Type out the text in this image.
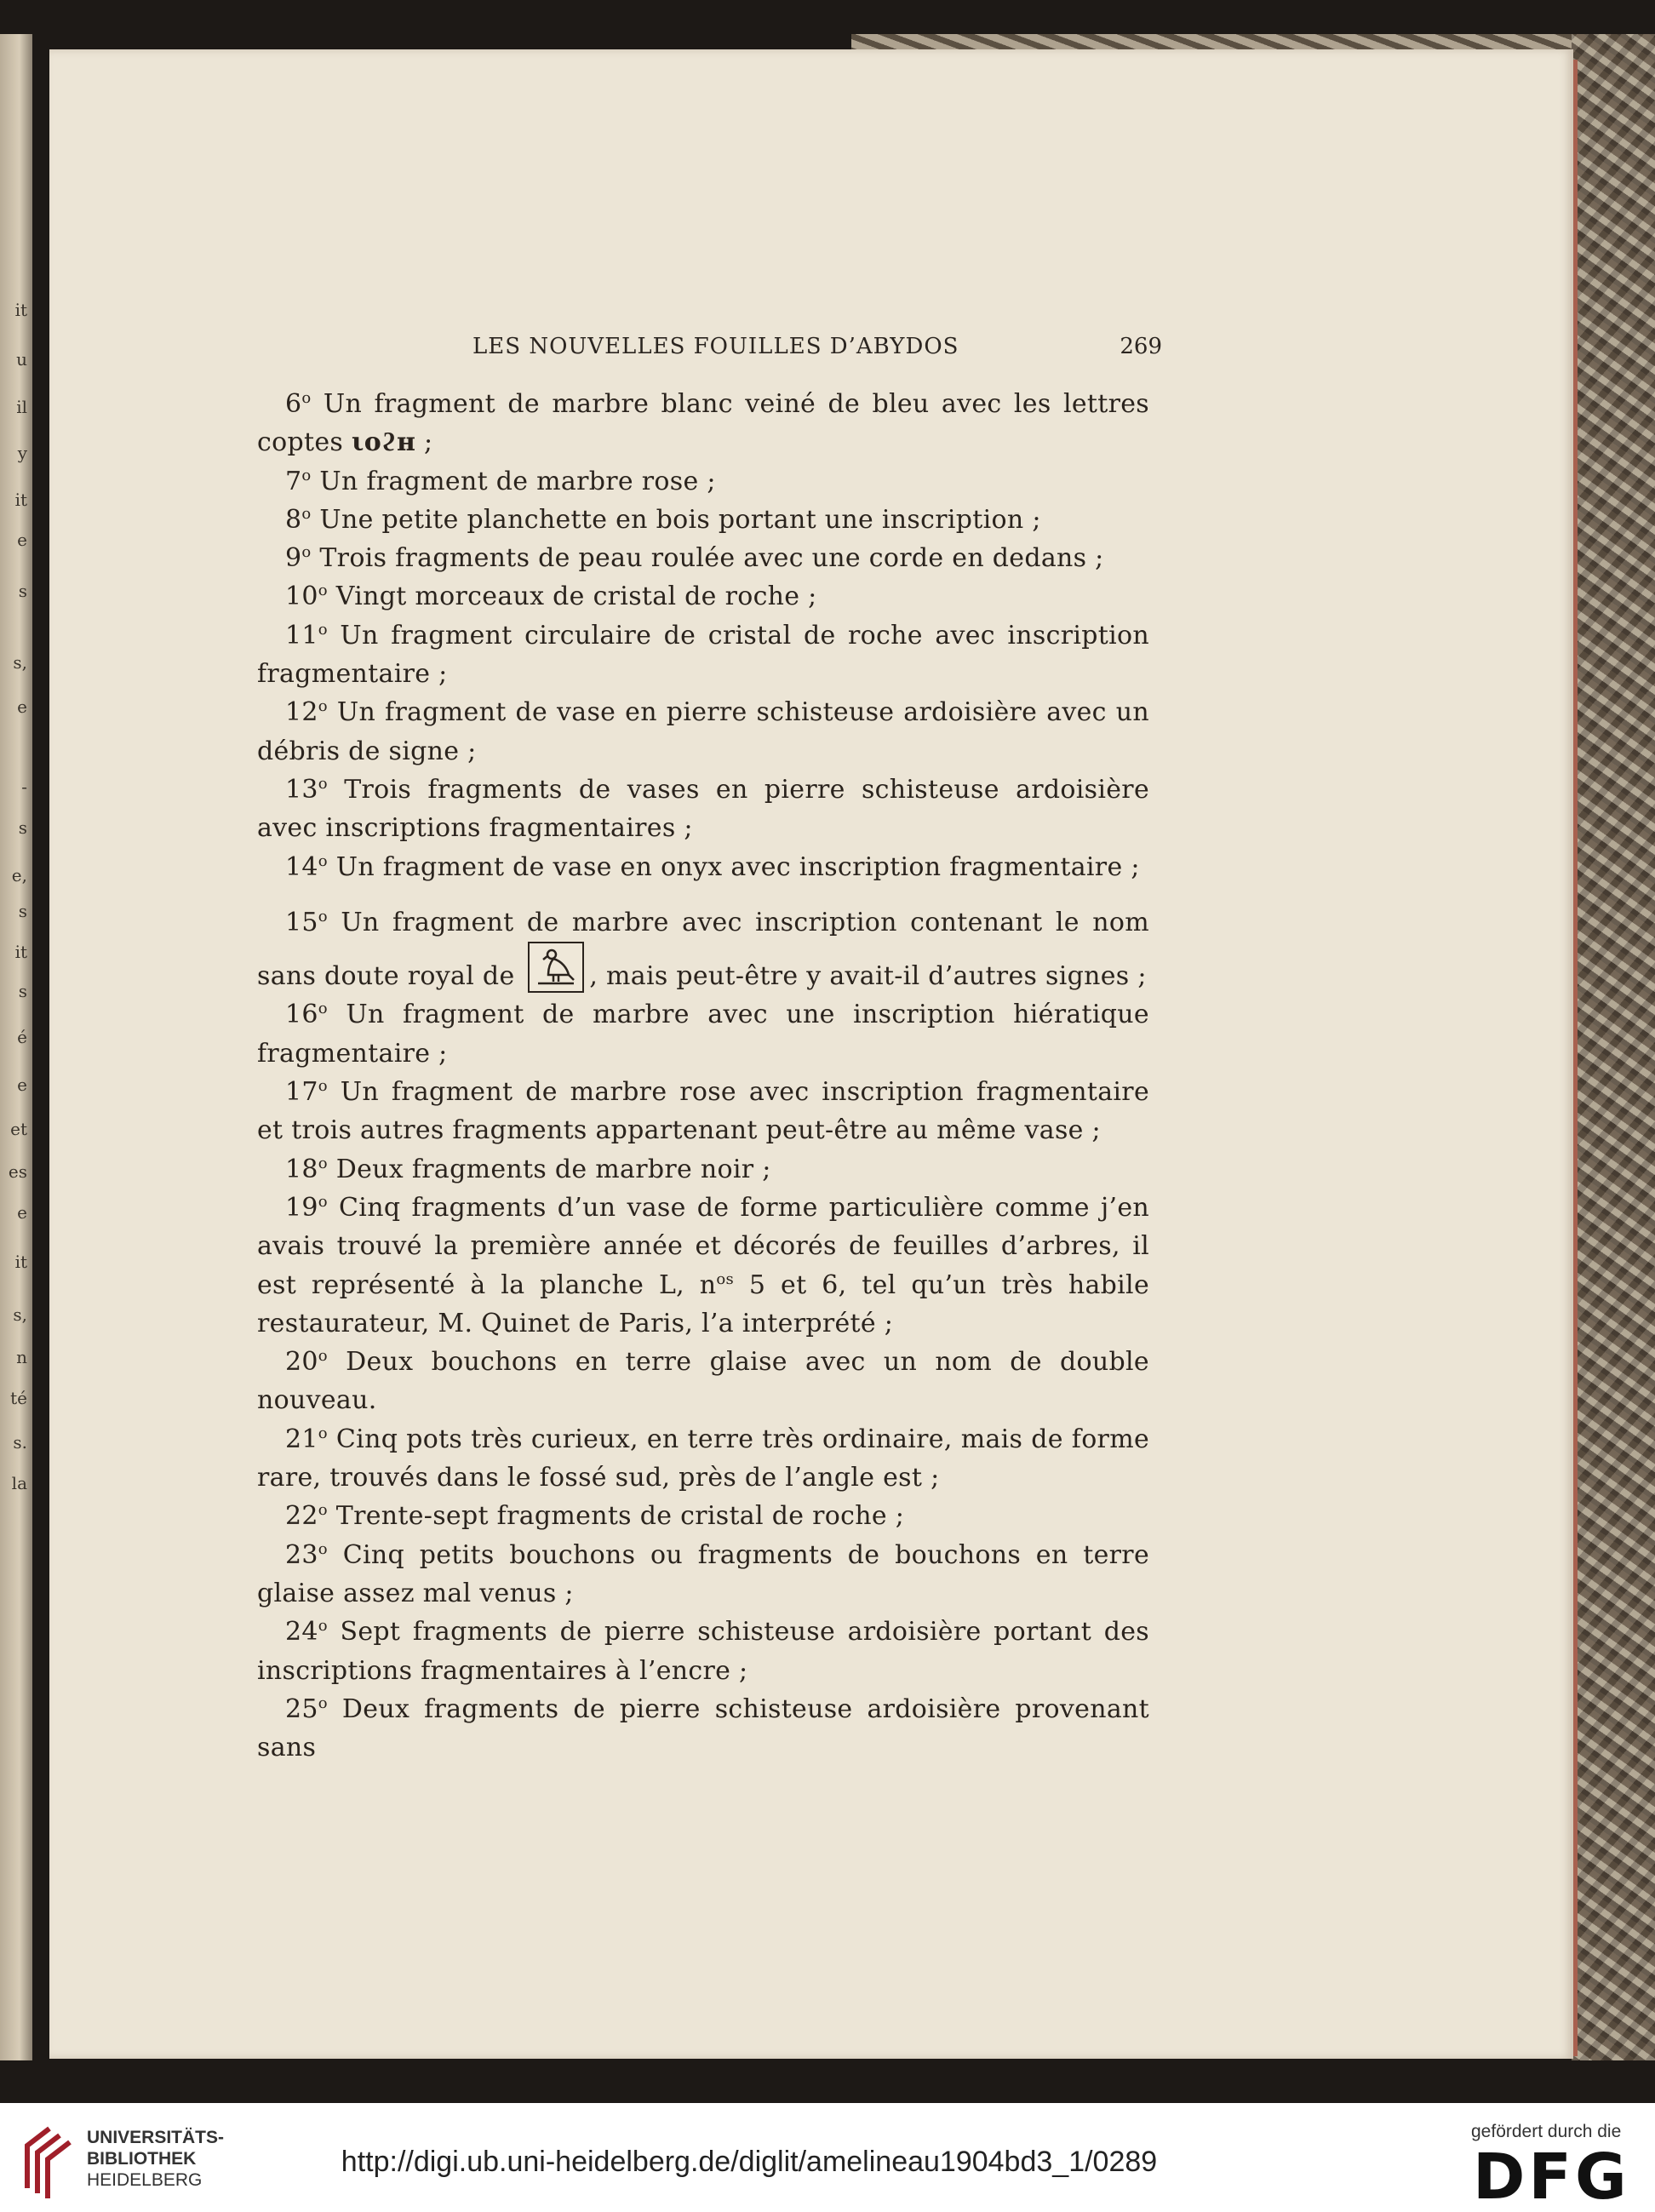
it
u
il
y
it
e
s
s,
e
-
s
e,
s
it
s
é
e
et
es
e
it
s,
n
té
s.
la
LES NOUVELLES FOUILLES D’ABYDOS	269

6$^o$ Un fragment de marbre blanc veiné de bleu avec les lettres coptes ιοϩн ;

7$^o$ Un fragment de marbre rose ;

8$^o$ Une petite planchette en bois portant une inscription ;

9$^o$ Trois fragments de peau roulée avec une corde en dedans ;

10$^o$ Vingt morceaux de cristal de roche ;

11$^o$ Un fragment circulaire de cristal de roche avec inscription fragmentaire ;

12$^o$ Un fragment de vase en pierre schisteuse ardoisière avec un débris de signe ;

13$^o$ Trois fragments de vases en pierre schisteuse ardoisière avec inscriptions fragmentaires ;

14$^o$ Un fragment de vase en onyx avec inscription fragmentaire ;

15$^o$ Un fragment de marbre avec inscription contenant le nom sans doute royal de	, mais peut-être y avait-il d’autres signes ;

16$^o$ Un fragment de marbre avec une inscription hiératique fragmentaire ;

17$^o$ Un fragment de marbre rose avec inscription fragmentaire et trois autres fragments appartenant peut-être au même vase ;

18$^o$ Deux fragments de marbre noir ;

19$^o$ Cinq fragments d’un vase de forme particulière comme j’en avais trouvé la première année et décorés de feuilles d’arbres, il est représenté à la planche L, $n^{os}$ 5 et 6, tel qu’un très habile restaurateur, M. Quinet de Paris, l’a interprété ;

20$^o$ Deux bouchons en terre glaise avec un nom de double nouveau.

21$^o$ Cinq pots très curieux, en terre très ordinaire, mais de forme rare, trouvés dans le fossé sud, près de l’angle est ;

22$^o$ Trente-sept fragments de cristal de roche ;

23$^o$ Cinq petits bouchons ou fragments de bouchons en terre glaise assez mal venus ;

24$^o$ Sept fragments de pierre schisteuse ardoisière portant des inscriptions fragmentaires à l’encre ;

25$^o$ Deux fragments de pierre schisteuse ardoisière provenant sans

UNIVERSITÄTS-
BIBLIOTHEK
HEIDELBERG
http://digi.ub.uni-heidelberg.de/diglit/amelineau1904bd3_1/0289
gefördert durch die
DFG
